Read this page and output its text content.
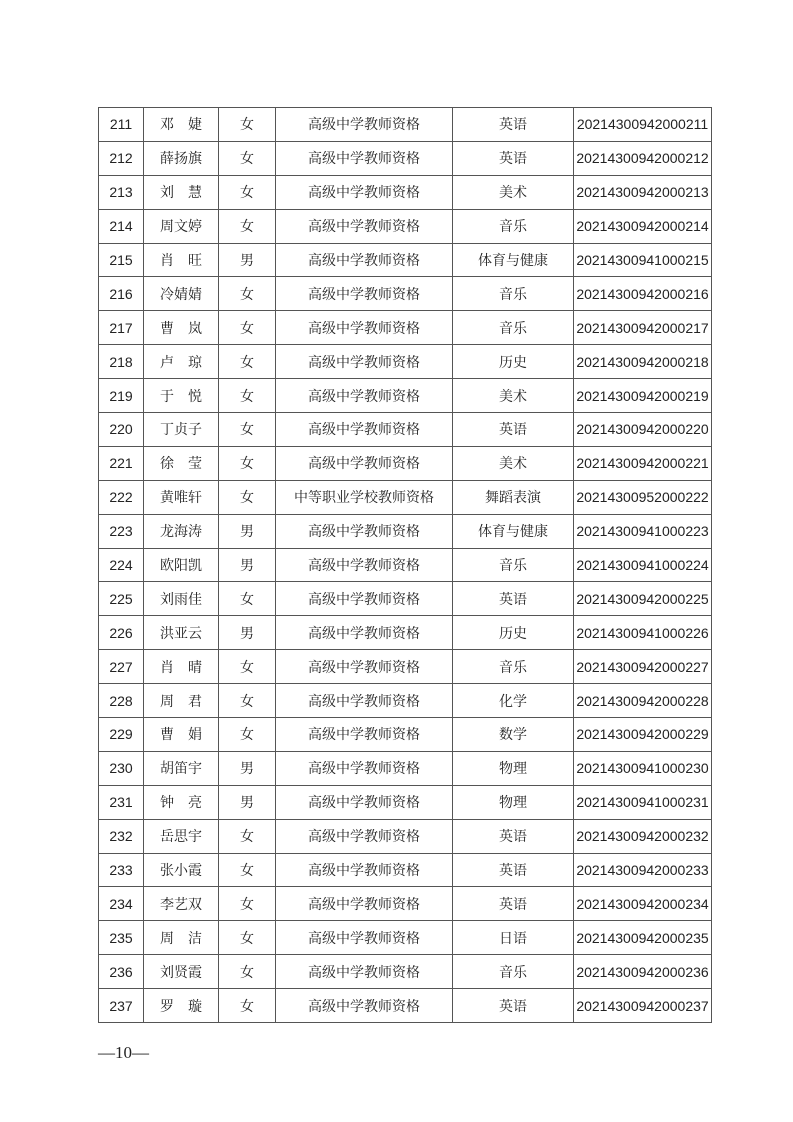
211	邓　婕	女	高级中学教师资格	英语	20214300942000211
212	薛扬旗	女	高级中学教师资格	英语	20214300942000212
213	刘　慧	女	高级中学教师资格	美术	20214300942000213
214	周文婷	女	高级中学教师资格	音乐	20214300942000214
215	肖　旺	男	高级中学教师资格	体育与健康	20214300941000215
216	冷婧婧	女	高级中学教师资格	音乐	20214300942000216
217	曹　岚	女	高级中学教师资格	音乐	20214300942000217
218	卢　琼	女	高级中学教师资格	历史	20214300942000218
219	于　悦	女	高级中学教师资格	美术	20214300942000219
220	丁贞子	女	高级中学教师资格	英语	20214300942000220
221	徐　莹	女	高级中学教师资格	美术	20214300942000221
222	黄唯轩	女	中等职业学校教师资格	舞蹈表演	20214300952000222
223	龙海涛	男	高级中学教师资格	体育与健康	20214300941000223
224	欧阳凯	男	高级中学教师资格	音乐	20214300941000224
225	刘雨佳	女	高级中学教师资格	英语	20214300942000225
226	洪亚云	男	高级中学教师资格	历史	20214300941000226
227	肖　晴	女	高级中学教师资格	音乐	20214300942000227
228	周　君	女	高级中学教师资格	化学	20214300942000228
229	曹　娟	女	高级中学教师资格	数学	20214300942000229
230	胡笛宇	男	高级中学教师资格	物理	20214300941000230
231	钟　亮	男	高级中学教师资格	物理	20214300941000231
232	岳思宇	女	高级中学教师资格	英语	20214300942000232
233	张小霞	女	高级中学教师资格	英语	20214300942000233
234	李艺双	女	高级中学教师资格	英语	20214300942000234
235	周　洁	女	高级中学教师资格	日语	20214300942000235
236	刘贤霞	女	高级中学教师资格	音乐	20214300942000236
237	罗　璇	女	高级中学教师资格	英语	20214300942000237
—10—
